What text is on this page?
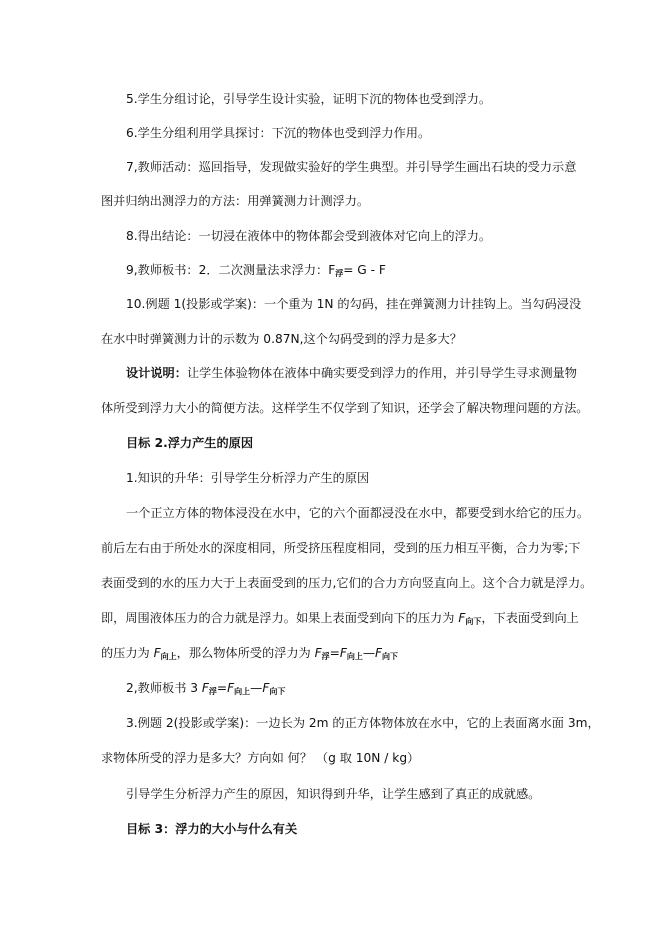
5.学生分组讨论，引导学生设计实验，证明下沉的物体也受到浮力。
6.学生分组利用学具探讨：下沉的物体也受到浮力作用。
7,教师活动：巡回指导，发现做实验好的学生典型。并引导学生画出石块的受力示意
图并归纳出测浮力的方法：用弹簧测力计测浮力。
8.得出结论：一切浸在液体中的物体都会受到液体对它向上的浮力。
9,教师板书：2．二次测量法求浮力：$F_浮= G - F$
10.例题 1(投影或学案)：一个重为 1N 的勾码，挂在弹簧测力计挂钩上。当勾码浸没
在水中时弹簧测力计的示数为 0.87N,这个勾码受到的浮力是多大？
设计说明：让学生体验物体在液体中确实要受到浮力的作用，并引导学生寻求测量物
体所受到浮力大小的简便方法。这样学生不仅学到了知识，还学会了解决物理问题的方法。
目标 2.浮力产生的原因
1.知识的升华：引导学生分析浮力产生的原因
一个正立方体的物体浸没在水中，它的六个面都浸没在水中，都要受到水给它的压力。
前后左右由于所处水的深度相同，所受挤压程度相同，受到的压力相互平衡，合力为零;下
表面受到的水的压力大于上表面受到的压力,它们的合力方向竖直向上。这个合力就是浮力。
即，周围液体压力的合力就是浮力。如果上表面受到向下的压力为 $F_{向下}$，下表面受到向上
的压力为 $F_{向上}$，那么物体所受的浮力为 $F_浮=F_{向上}—F_{向下}$
2,教师板书 3 $F_浮=F_{向上}—F_{向下}$
3.例题 2(投影或学案)：一边长为 2m 的正方体物体放在水中，它的上表面离水面 3m，
求物体所受的浮力是多大？方向如 何？ （g 取 10N / kg）
引导学生分析浮力产生的原因，知识得到升华，让学生感到了真正的成就感。
目标 3：浮力的大小与什么有关
